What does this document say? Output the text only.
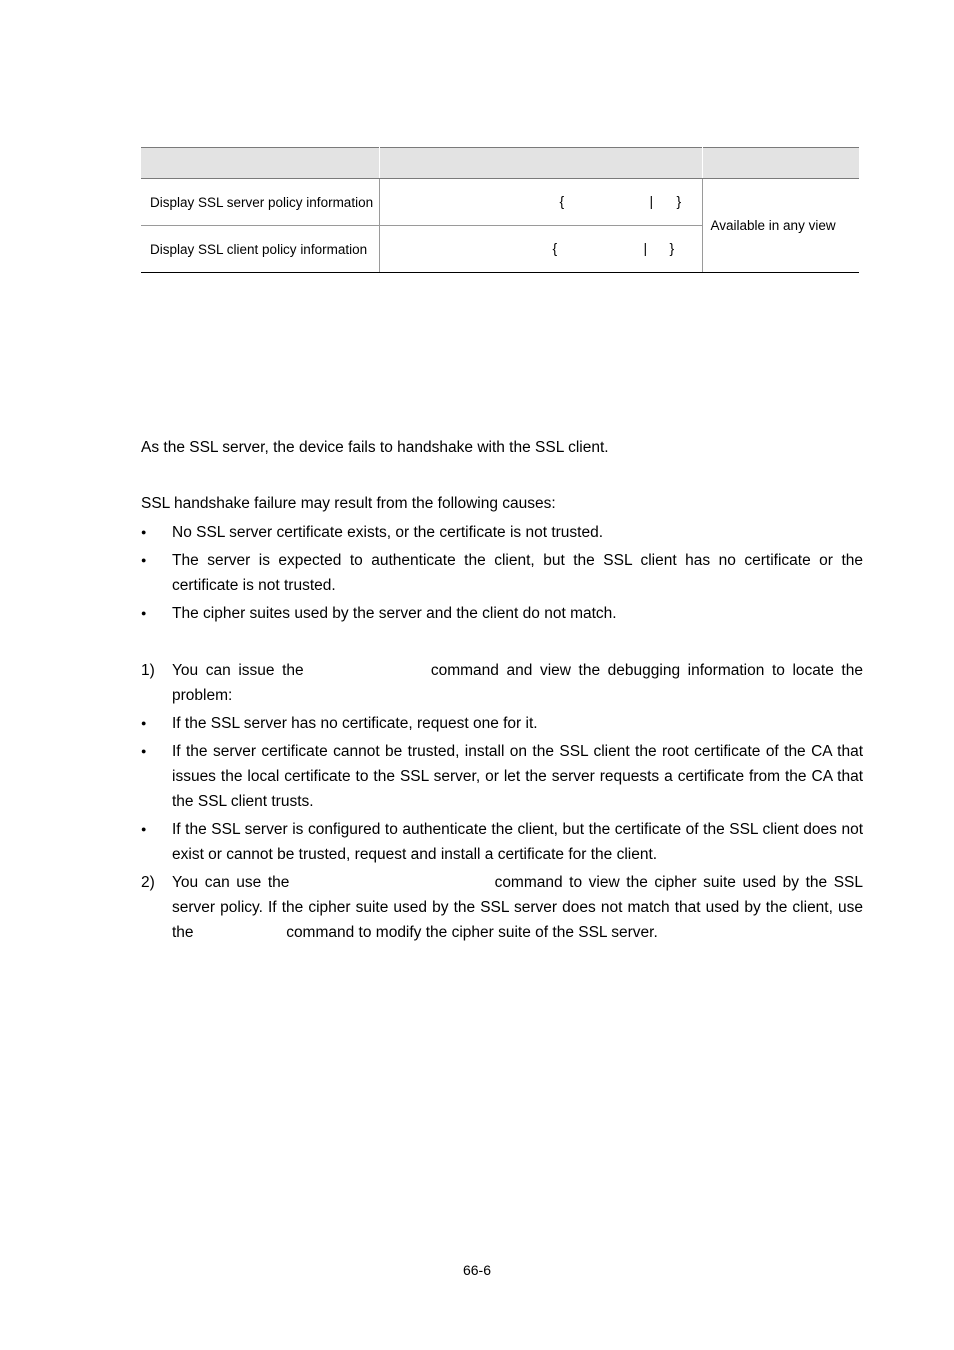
Display SSL server policy information	{ | }	Available in any view
Display SSL client policy information	{ | }	
As the SSL server, the device fails to handshake with the SSL client.
SSL handshake failure may result from the following causes:
● No SSL server certificate exists, or the certificate is not trusted.
● The server is expected to authenticate the client, but the SSL client has no certificate or the certificate is not trusted.
● The cipher suites used by the server and the client do not match.
1) You can issue the	command and view the debugging information to locate the problem:
● If the SSL server has no certificate, request one for it.
● If the server certificate cannot be trusted, install on the SSL client the root certificate of the CA that issues the local certificate to the SSL server, or let the server requests a certificate from the CA that the SSL client trusts.
● If the SSL server is configured to authenticate the client, but the certificate of the SSL client does not exist or cannot be trusted, request and install a certificate for the client.
2) You can use the	command to view the cipher suite used by the SSL server policy. If the cipher suite used by the SSL server does not match that used by the client, use the	command to modify the cipher suite of the SSL server.
66-6
